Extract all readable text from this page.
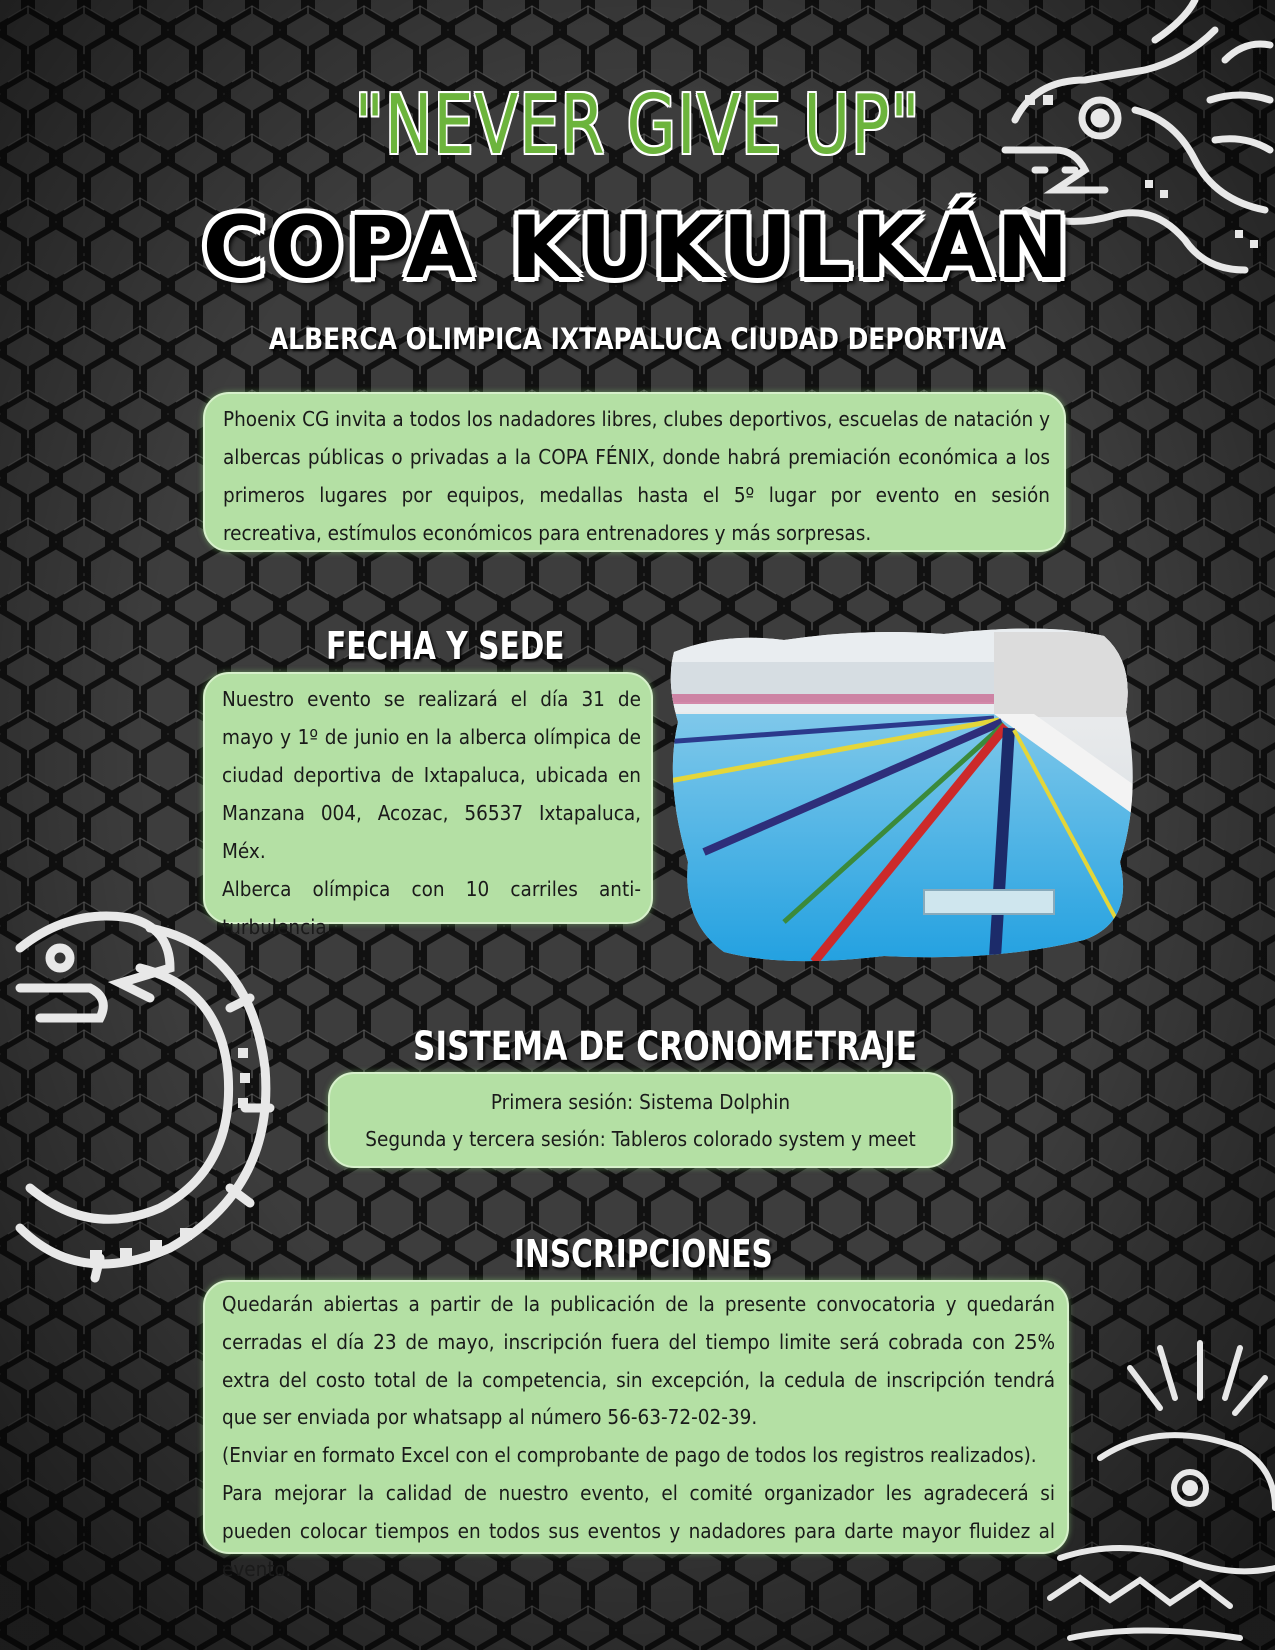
"NEVER GIVE UP"
COPA KUKULKÁN
ALBERCA OLIMPICA IXTAPALUCA CIUDAD DEPORTIVA

Phoenix CG invita a todos los nadadores libres, clubes deportivos, escuelas de natación y albercas públicas o privadas a la COPA FÉNIX, donde habrá premiación económica a los primeros lugares por equipos, medallas hasta el 5º lugar por evento en sesión recreativa, estímulos económicos para entrenadores y más sorpresas.

FECHA Y SEDE

Nuestro evento se realizará el día 31 de mayo y 1º de junio en la alberca olímpica de ciudad deportiva de Ixtapaluca, ubicada en Manzana 004, Acozac, 56537 Ixtapaluca, Méx.

Alberca olímpica con 10 carriles anti-turbulencia.

SISTEMA DE CRONOMETRAJE

Primera sesión: Sistema Dolphin

Segunda y tercera sesión: Tableros colorado system y meet

INSCRIPCIONES

Quedarán abiertas a partir de la publicación de la presente convocatoria y quedarán cerradas el día 23 de mayo, inscripción fuera del tiempo limite será cobrada con 25% extra del costo total de la competencia, sin excepción, la cedula de inscripción tendrá que ser enviada por whatsapp al número 56-63-72-02-39.

(Enviar en formato Excel con el comprobante de pago de todos los registros realizados).

Para mejorar la calidad de nuestro evento, el comité organizador les agradecerá si pueden colocar tiempos en todos sus eventos y nadadores para darte mayor fluidez al evento.
